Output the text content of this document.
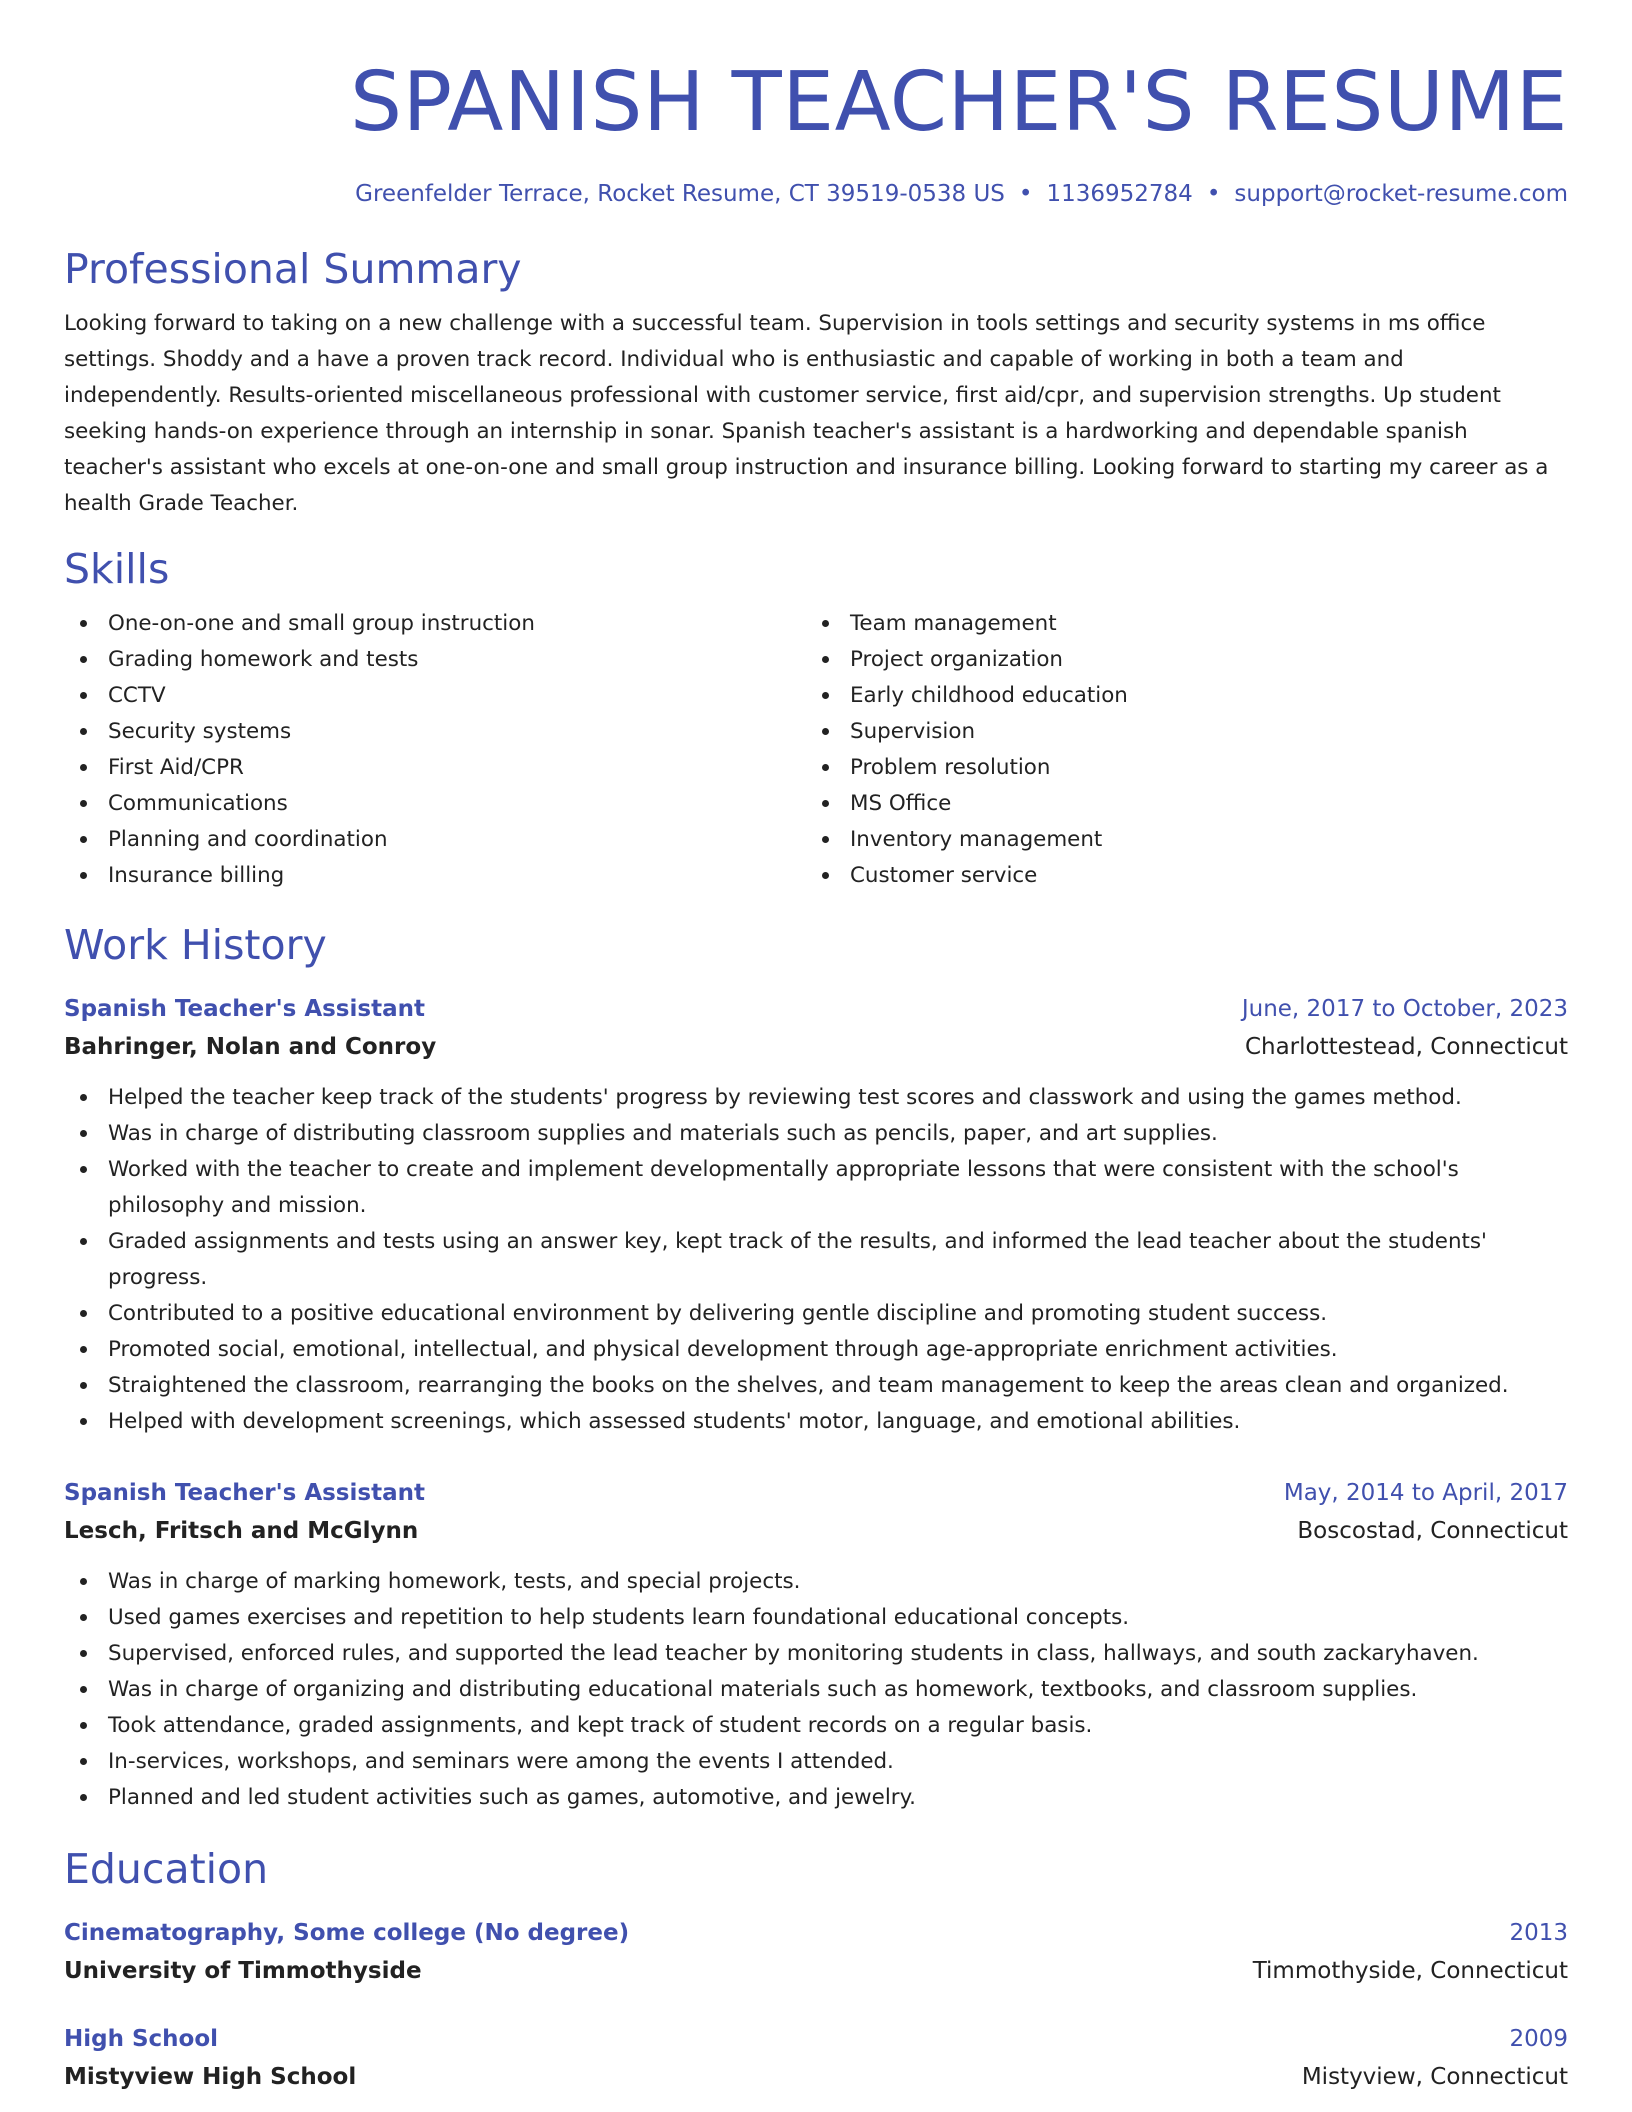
SPANISH TEACHER'S RESUME
Greenfelder Terrace, Rocket Resume, CT 39519-0538 US • 1136952784 • support@rocket-resume.com
Professional Summary

Looking forward to taking on a new challenge with a successful team. Supervision in tools settings and security systems in ms office settings. Shoddy and a have a proven track record. Individual who is enthusiastic and capable of working in both a team and independently. Results-oriented miscellaneous professional with customer service, first aid/cpr, and supervision strengths. Up student seeking hands-on experience through an internship in sonar. Spanish teacher's assistant is a hardworking and dependable spanish teacher's assistant who excels at one-on-one and small group instruction and insurance billing. Looking forward to starting my career as a health Grade Teacher.

Skills
One-on-one and small group instruction
Grading homework and tests
CCTV
Security systems
First Aid/CPR
Communications
Planning and coordination
Insurance billing
Team management
Project organization
Early childhood education
Supervision
Problem resolution
MS Office
Inventory management
Customer service
Work History
Spanish Teacher's Assistant	June, 2017 to October, 2023
Bahringer, Nolan and Conroy	Charlottestead, Connecticut
Helped the teacher keep track of the students' progress by reviewing test scores and classwork and using the games method.
Was in charge of distributing classroom supplies and materials such as pencils, paper, and art supplies.
Worked with the teacher to create and implement developmentally appropriate lessons that were consistent with the school's philosophy and mission.
Graded assignments and tests using an answer key, kept track of the results, and informed the lead teacher about the students' progress.
Contributed to a positive educational environment by delivering gentle discipline and promoting student success.
Promoted social, emotional, intellectual, and physical development through age-appropriate enrichment activities.
Straightened the classroom, rearranging the books on the shelves, and team management to keep the areas clean and organized.
Helped with development screenings, which assessed students' motor, language, and emotional abilities.
Spanish Teacher's Assistant	May, 2014 to April, 2017
Lesch, Fritsch and McGlynn	Boscostad, Connecticut
Was in charge of marking homework, tests, and special projects.
Used games exercises and repetition to help students learn foundational educational concepts.
Supervised, enforced rules, and supported the lead teacher by monitoring students in class, hallways, and south zackaryhaven.
Was in charge of organizing and distributing educational materials such as homework, textbooks, and classroom supplies.
Took attendance, graded assignments, and kept track of student records on a regular basis.
In-services, workshops, and seminars were among the events I attended.
Planned and led student activities such as games, automotive, and jewelry.
Education
Cinematography, Some college (No degree)	2013
University of Timmothyside	Timmothyside, Connecticut
High School	2009
Mistyview High School	Mistyview, Connecticut
